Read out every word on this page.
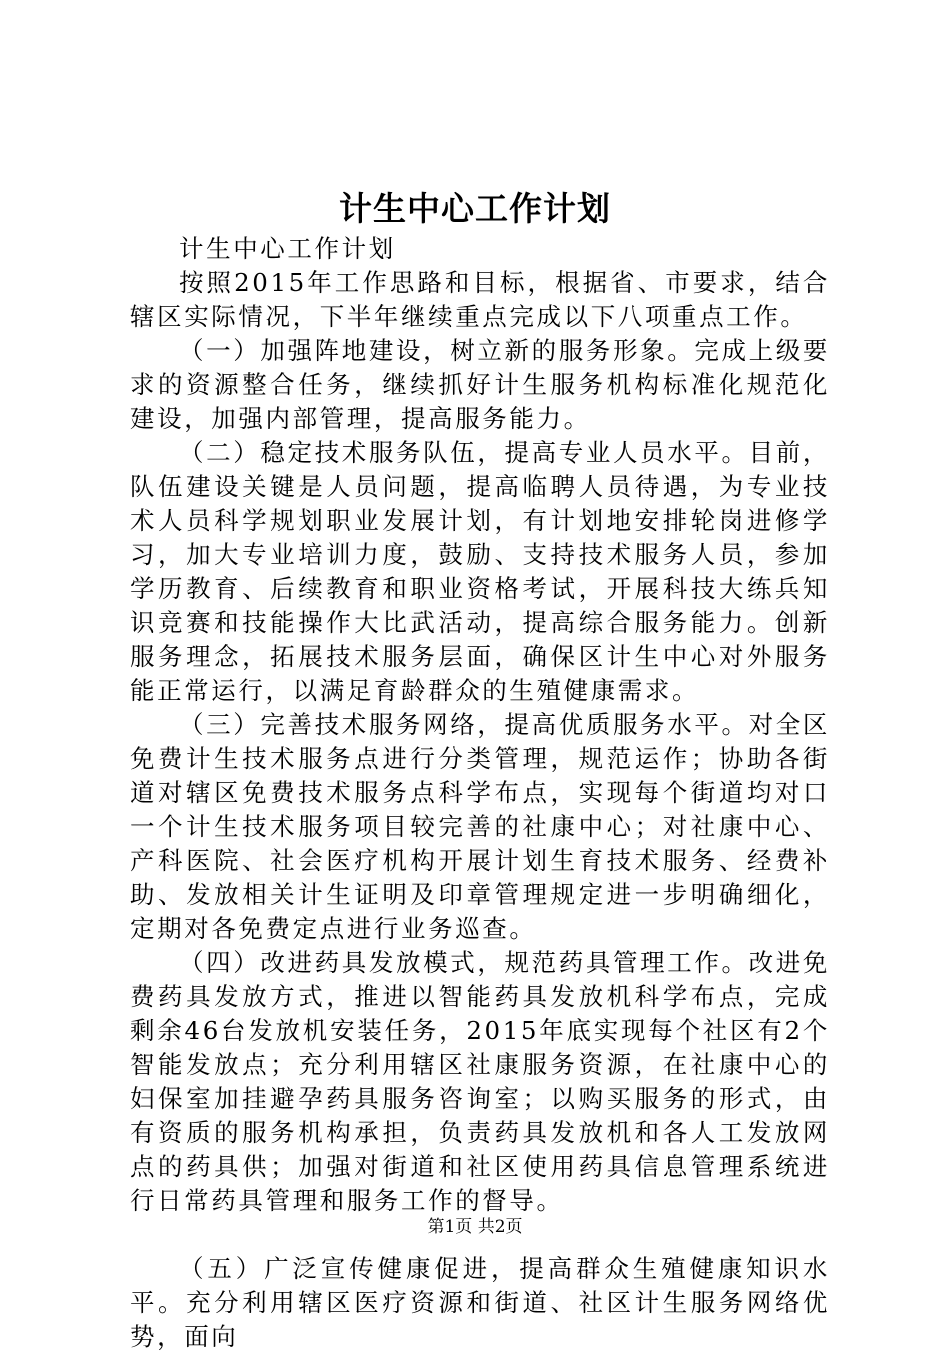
计生中心工作计划

计生中心工作计划

按照2015年工作思路和目标，根据省、市要求，结合辖区实际情况，下半年继续重点完成以下八项重点工作。

（一）加强阵地建设，树立新的服务形象。完成上级要求的资源整合任务，继续抓好计生服务机构标准化规范化建设，加强内部管理，提高服务能力。

（二）稳定技术服务队伍，提高专业人员水平。目前，队伍建设关键是人员问题，提高临聘人员待遇，为专业技术人员科学规划职业发展计划，有计划地安排轮岗进修学习，加大专业培训力度，鼓励、支持技术服务人员，参加学历教育、后续教育和职业资格考试，开展科技大练兵知识竞赛和技能操作大比武活动，提高综合服务能力。创新服务理念，拓展技术服务层面，确保区计生中心对外服务能正常运行，以满足育龄群众的生殖健康需求。

（三）完善技术服务网络，提高优质服务水平。对全区免费计生技术服务点进行分类管理，规范运作；协助各街道对辖区免费技术服务点科学布点，实现每个街道均对口一个计生技术服务项目较完善的社康中心；对社康中心、产科医院、社会医疗机构开展计划生育技术服务、经费补助、发放相关计生证明及印章管理规定进一步明确细化，定期对各免费定点进行业务巡查。

（四）改进药具发放模式，规范药具管理工作。改进免费药具发放方式，推进以智能药具发放机科学布点，完成剩余46台发放机安装任务，2015年底实现每个社区有2个智能发放点；充分利用辖区社康服务资源，在社康中心的妇保室加挂避孕药具服务咨询室；以购买服务的形式，由有资质的服务机构承担，负责药具发放机和各人工发放网点的药具供；加强对街道和社区使用药具信息管理系统进行日常药具管理和服务工作的督导。

（五）广泛宣传健康促进，提高群众生殖健康知识水平。充分利用辖区医疗资源和街道、社区计生服务网络优势，面向

第1页 共2页
